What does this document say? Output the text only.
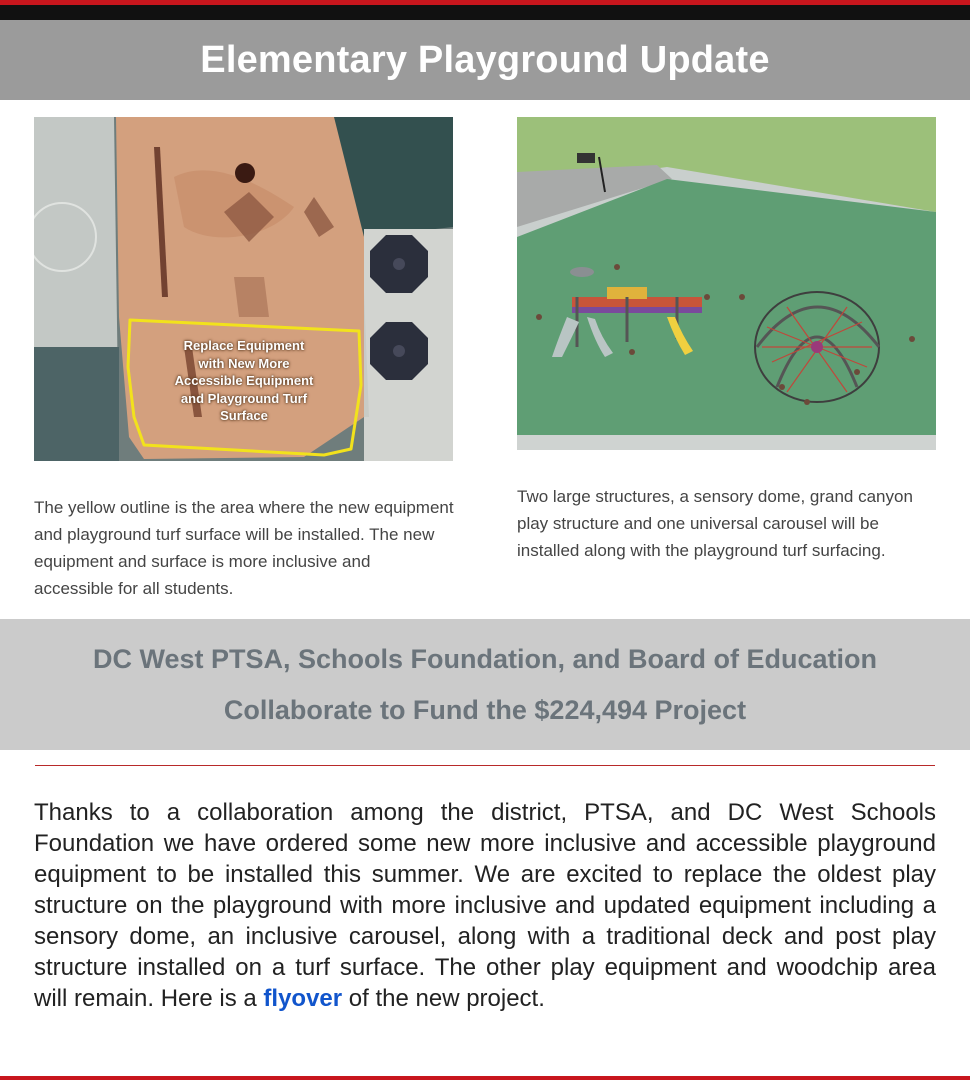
Elementary Playground Update
Replace Equipment
with New More
Accessible Equipment
and Playground Turf
Surface

The yellow outline is the area where the new equipment and playground turf surface will be installed. The new equipment and surface is more inclusive and accessible for all students.

Two large structures, a sensory dome, grand canyon play structure and one universal carousel will be installed along with the playground turf surfacing.

DC West PTSA, Schools Foundation, and Board of Education
Collaborate to Fund the $224,494 Project

Thanks to a collaboration among the district, PTSA, and DC West Schools Foundation we have ordered some new more inclusive and accessible playground equipment to be installed this summer. We are excited to replace the oldest play structure on the playground with more inclusive and updated equipment including a sensory dome, an inclusive carousel, along with a traditional deck and post play structure installed on a turf surface. The other play equipment and woodchip area will remain. Here is a flyover of the new project.
